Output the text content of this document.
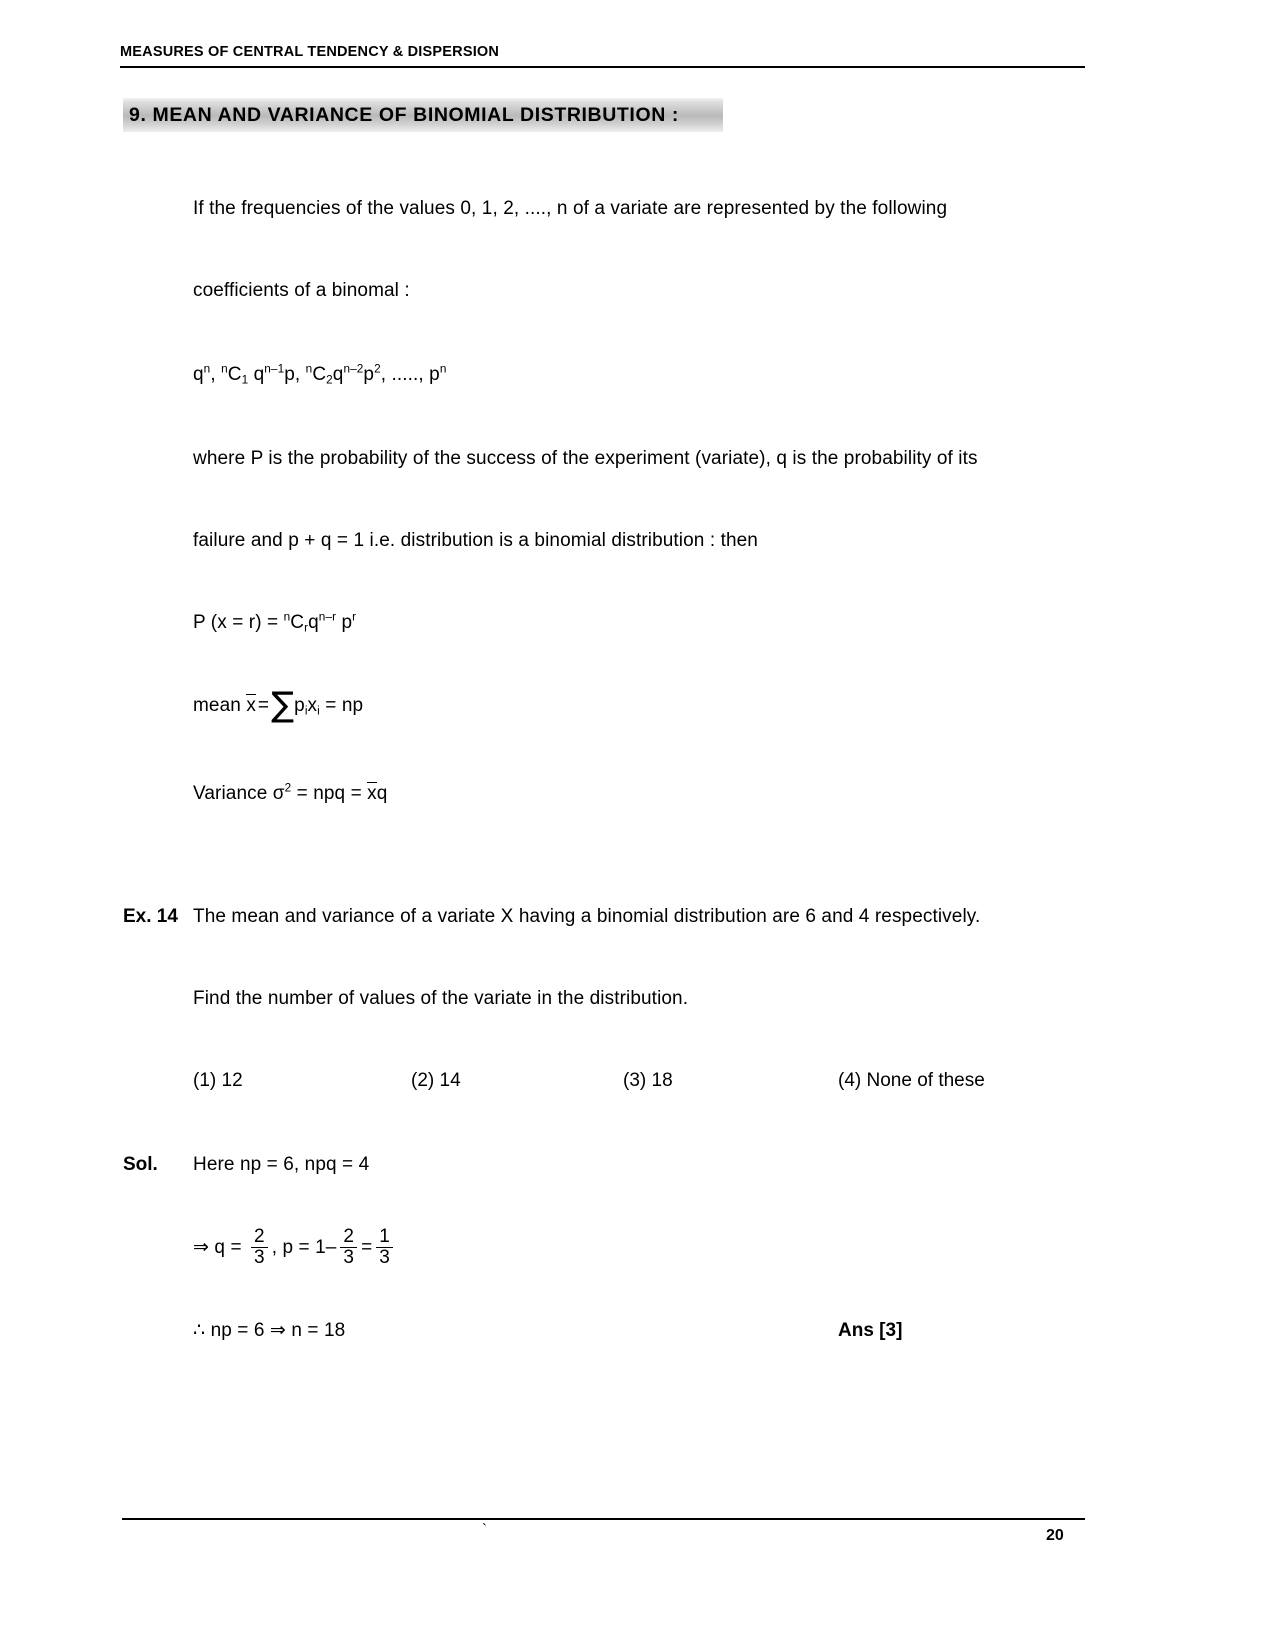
MEASURES OF CENTRAL TENDENCY & DISPERSION
9. MEAN AND VARIANCE OF BINOMIAL DISTRIBUTION :
If the frequencies of the values 0, 1, 2, ...., n of a variate are represented by the following
coefficients of a binomal :
$q^n$, $^nC_1$ $q^{n-1}p$, $^nC_2q^{n-2}p^2$, ....., $p^n$
where P is the probability of the success of the experiment (variate), q is the probability of its
failure and p + q = 1 i.e. distribution is a binomial distribution : then
P $(x = r) = ^nC_rq^{n-r}$ $p^r$
mean $x =\sum p_ix_i$ = np
Variance $\sigma^2$ = npq = xq
Ex. 14 The mean and variance of a variate X having a binomial distribution are 6 and 4 respectively.
Find the number of values of the variate in the distribution.
(1) 12	(2) 14	(3) 18	(4) None of these
Sol. Here np = 6, npq = 4
⇒ $q = \frac{2}{3}$ , $p = 1 - \frac{2}{3} = \frac{1}{3}$
∴ np = 6 ⇒ n = 18	Ans [3]
`	20
